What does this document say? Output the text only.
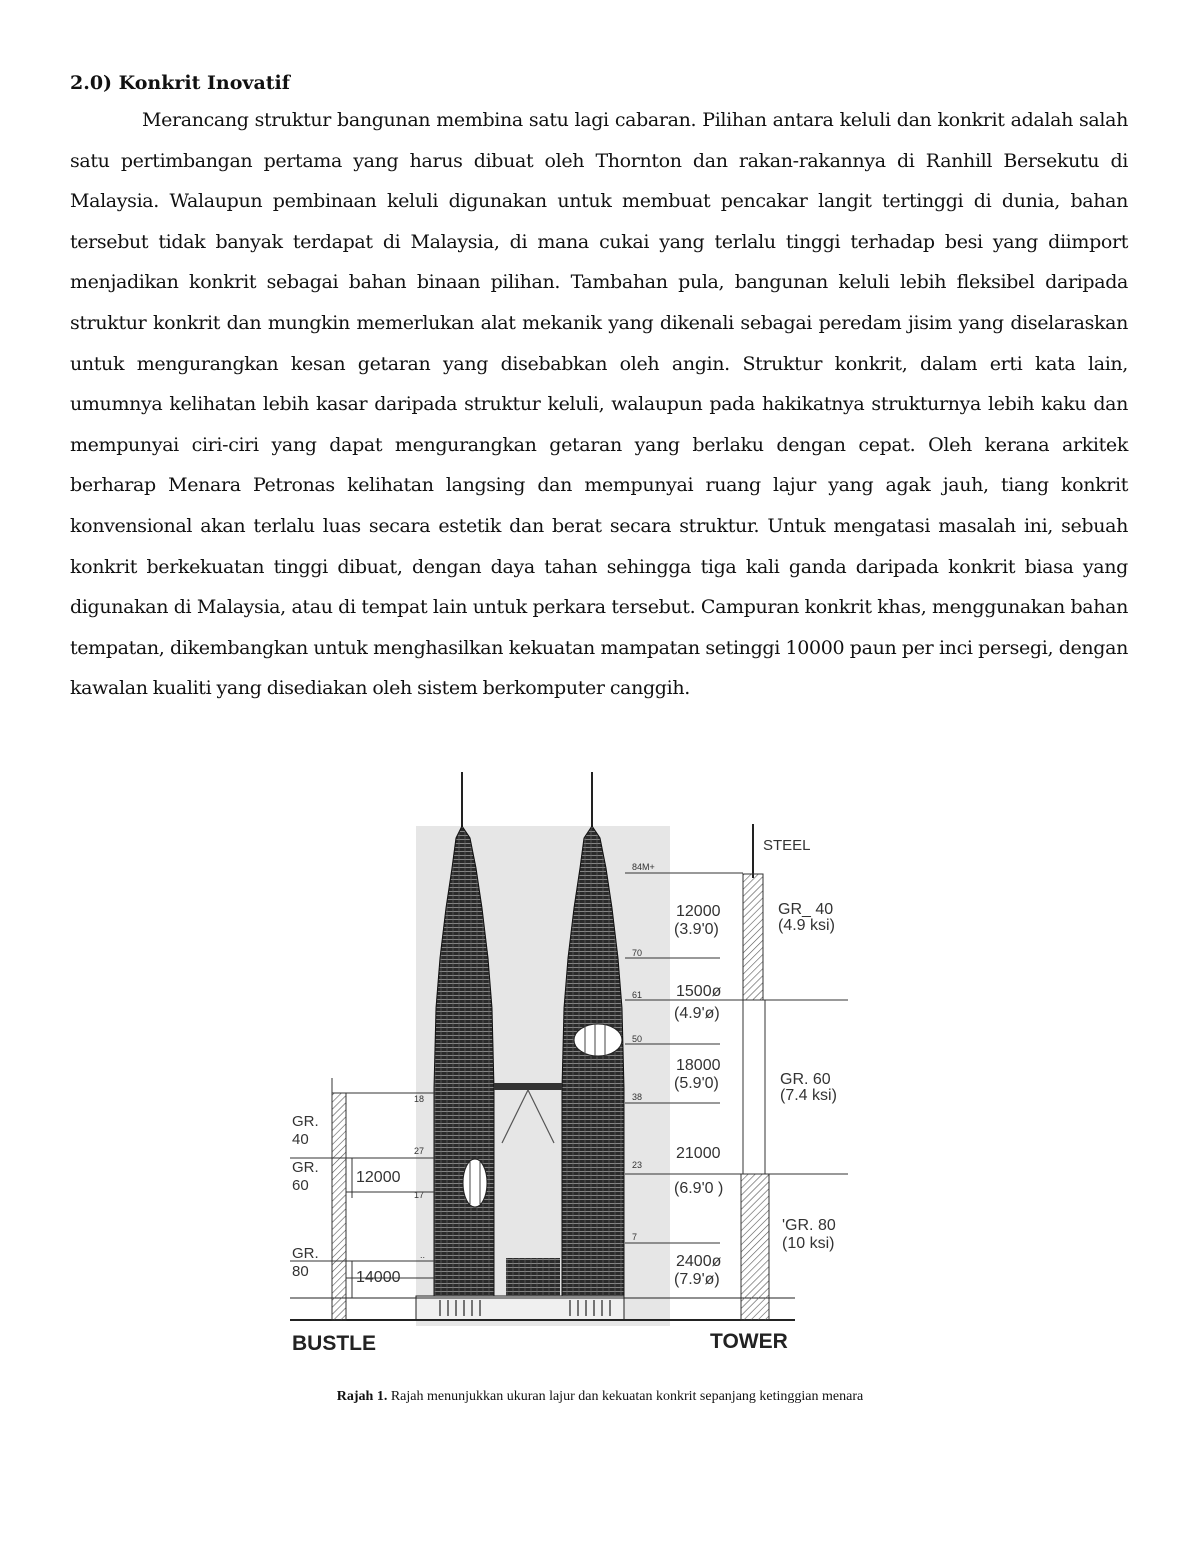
2.0) Konkrit Inovatif
Merancang struktur bangunan membina satu lagi cabaran. Pilihan antara keluli dan konkrit adalah salah satu pertimbangan pertama yang harus dibuat oleh Thornton dan rakan-rakannya di Ranhill Bersekutu di Malaysia. Walaupun pembinaan keluli digunakan untuk membuat pencakar langit tertinggi di dunia, bahan tersebut tidak banyak terdapat di Malaysia, di mana cukai yang terlalu tinggi terhadap besi yang diimport menjadikan konkrit sebagai bahan binaan pilihan. Tambahan pula, bangunan keluli lebih fleksibel daripada struktur konkrit dan mungkin memerlukan alat mekanik yang dikenali sebagai peredam jisim yang diselaraskan untuk mengurangkan kesan getaran yang disebabkan oleh angin. Struktur konkrit, dalam erti kata lain, umumnya kelihatan lebih kasar daripada struktur keluli, walaupun pada hakikatnya strukturnya lebih kaku dan mempunyai ciri-ciri yang dapat mengurangkan getaran yang berlaku dengan cepat. Oleh kerana arkitek berharap Menara Petronas kelihatan langsing dan mempunyai ruang lajur yang agak jauh, tiang konkrit konvensional akan terlalu luas secara estetik dan berat secara struktur. Untuk mengatasi masalah ini, sebuah konkrit berkekuatan tinggi dibuat, dengan daya tahan sehingga tiga kali ganda daripada konkrit biasa yang digunakan di Malaysia, atau di tempat lain untuk perkara tersebut. Campuran konkrit khas, menggunakan bahan tempatan, dikembangkan untuk menghasilkan kekuatan mampatan setinggi 10000 paun per inci persegi, dengan kawalan kualiti yang disediakan oleh sistem berkomputer canggih.
84M+
70
61
50
38
23
7
12000
(3.9'0)
1500ø
(4.9'ø)
18000
(5.9'0)
21000
(6.9'0 )
2400ø
(7.9'ø)
STEEL
GR_ 40
(4.9 ksi)
GR. 60
(7.4 ksi)
'GR. 80
(10 ksi)
18
27
17
..
GR.
40
GR.
60
GR.
80
12000
14000
BUSTLE	TOWER
Rajah 1. Rajah menunjukkan ukuran lajur dan kekuatan konkrit sepanjang ketinggian menara
